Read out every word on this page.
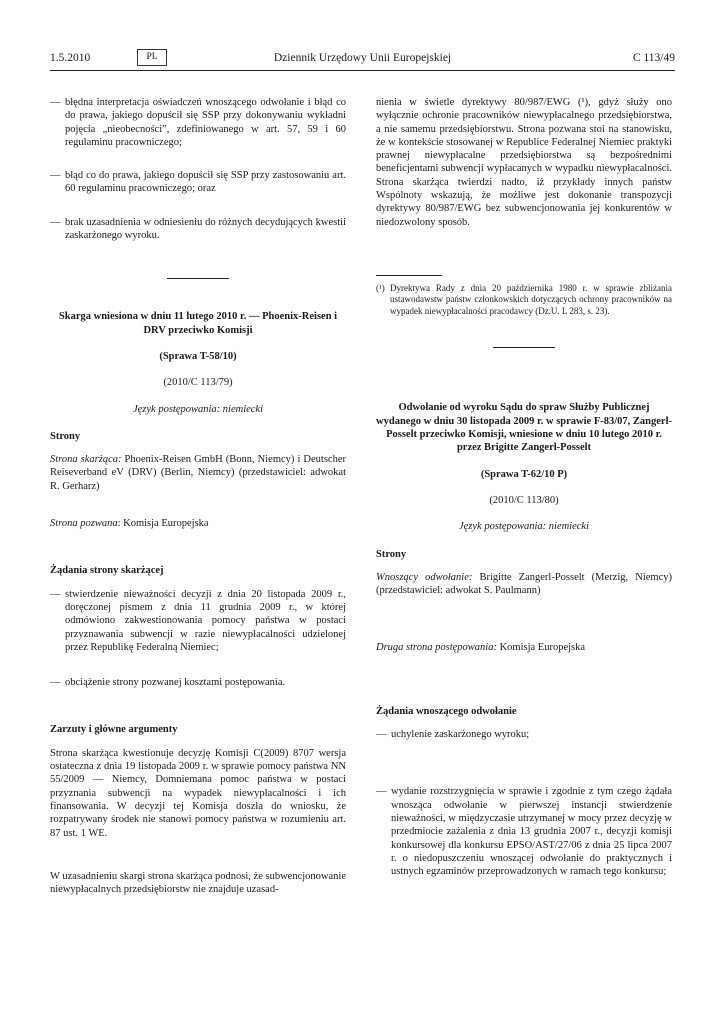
1.5.2010	PL	Dziennik Urzędowy Unii Europejskiej	C 113/49
— błędna interpretacja oświadczeń wnoszącego odwołanie i błąd co do prawa, jakiego dopuścił się SSP przy dokonywaniu wykładni pojęcia „nieobecności”, zdefiniowanego w art. 57, 59 i 60 regulaminu pracowniczego;
— błąd co do prawa, jakiego dopuścił się SSP przy zastosowaniu art. 60 regulaminu pracowniczego; oraz
— brak uzasadnienia w odniesieniu do różnych decydujących kwestii zaskarżonego wyroku.
Skarga wniesiona w dniu 11 lutego 2010 r. — Phoenix-Reisen i DRV przeciwko Komisji
(Sprawa T-58/10)
(2010/C 113/79)
Język postępowania: niemiecki
Strony

Strona skarżąca: Phoenix-Reisen GmbH (Bonn, Niemcy) i Deutscher Reiseverband eV (DRV) (Berlin, Niemcy) (przedstawiciel: adwokat R. Gerharz)

Strona pozwana: Komisja Europejska

Żądania strony skarżącej
— stwierdzenie nieważności decyzji z dnia 20 listopada 2009 r., doręczonej pismem z dnia 11 grudnia 2009 r., w której odmówiono zakwestionowania pomocy państwa w postaci przyznawania subwencji w razie niewypłacalności udzielonej przez Republikę Federalną Niemiec;
— obciążenie strony pozwanej kosztami postępowania.
Zarzuty i główne argumenty

Strona skarżąca kwestionuje decyzję Komisji C(2009) 8707 wersja ostateczna z dnia 19 listopada 2009 r. w sprawie pomocy państwa NN 55/2009 — Niemcy, Domniemana pomoc państwa w postaci przyznania subwencji na wypadek niewypłacalności i ich finansowania. W decyzji tej Komisja doszła do wniosku, że rozpatrywany środek nie stanowi pomocy państwa w rozumieniu art. 87 ust. 1 WE.

W uzasadnieniu skargi strona skarżąca podnosi, że subwencjonowanie niewypłacalnych przedsiębiorstw nie znajduje uzasad-

nienia w świetle dyrektywy 80/987/EWG (¹), gdyż służy ono wyłącznie ochronie pracowników niewypłacalnego przedsiębiorstwa, a nie samemu przedsiębiorstwu. Strona pozwana stoi na stanowisku, że w kontekście stosowanej w Republice Federalnej Niemiec praktyki prawnej niewypłacalne przedsiębiorstwa są bezpośrednimi beneficjentami subwencji wypłacanych w wypadku niewypłacalności. Strona skarżąca twierdzi nadto, iż przykłady innych państw Wspólnoty wskazują, że możliwe jest dokonanie transpozycji dyrektywy 80/987/EWG bez subwencjonowania jej konkurentów w niedozwolony sposób.

(¹) Dyrektywa Rady z dnia 20 października 1980 r. w sprawie zbliżania ustawodawstw państw członkowskich dotyczących ochrony pracowników na wypadek niewypłacalności pracodawcy (Dz.U. L 283, s. 23).
Odwołanie od wyroku Sądu do spraw Służby Publicznej wydanego w dniu 30 listopada 2009 r. w sprawie F-83/07, Zangerl-Posselt przeciwko Komisji, wniesione w dniu 10 lutego 2010 r. przez Brigitte Zangerl-Posselt
(Sprawa T-62/10 P)
(2010/C 113/80)
Język postępowania: niemiecki
Strony

Wnoszący odwołanie: Brigitte Zangerl-Posselt (Merzig, Niemcy) (przedstawiciel: adwokat S. Paulmann)

Druga strona postępowania: Komisja Europejska

Żądania wnoszącego odwołanie
— uchylenie zaskarżonego wyroku;
— wydanie rozstrzygnięcia w sprawie i zgodnie z tym czego żądała wnosząca odwołanie w pierwszej instancji stwierdzenie nieważności, w międzyczasie utrzymanej w mocy przez decyzję w przedmiocie zażalenia z dnia 13 grudnia 2007 r., decyzji komisji konkursowej dla konkursu EPSO/AST/27/06 z dnia 25 lipca 2007 r. o niedopuszczeniu wnoszącej odwołanie do praktycznych i ustnych egzaminów przeprowadzonych w ramach tego konkursu;
